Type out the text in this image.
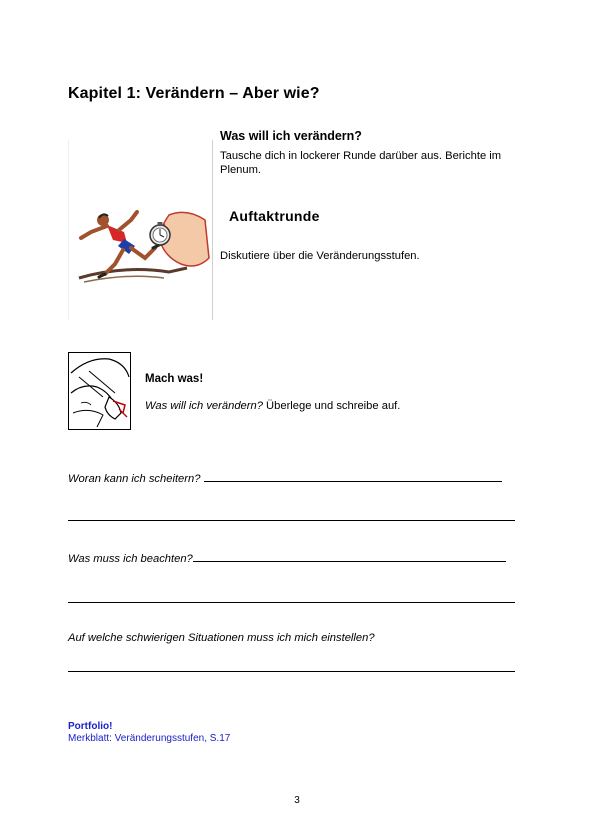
Kapitel 1: Verändern – Aber wie?
Was will ich verändern?
Tausche dich in lockerer Runde darüber aus. Berichte im Plenum.
Auftaktrunde
Diskutiere über die Veränderungsstufen.
Mach was!
Was will ich verändern? Überlege und schreibe auf.
Woran kann ich scheitern?
Was muss ich beachten?
Auf welche schwierigen Situationen muss ich mich einstellen?
Portfolio!
Merkblatt: Veränderungsstufen, S.17
3
